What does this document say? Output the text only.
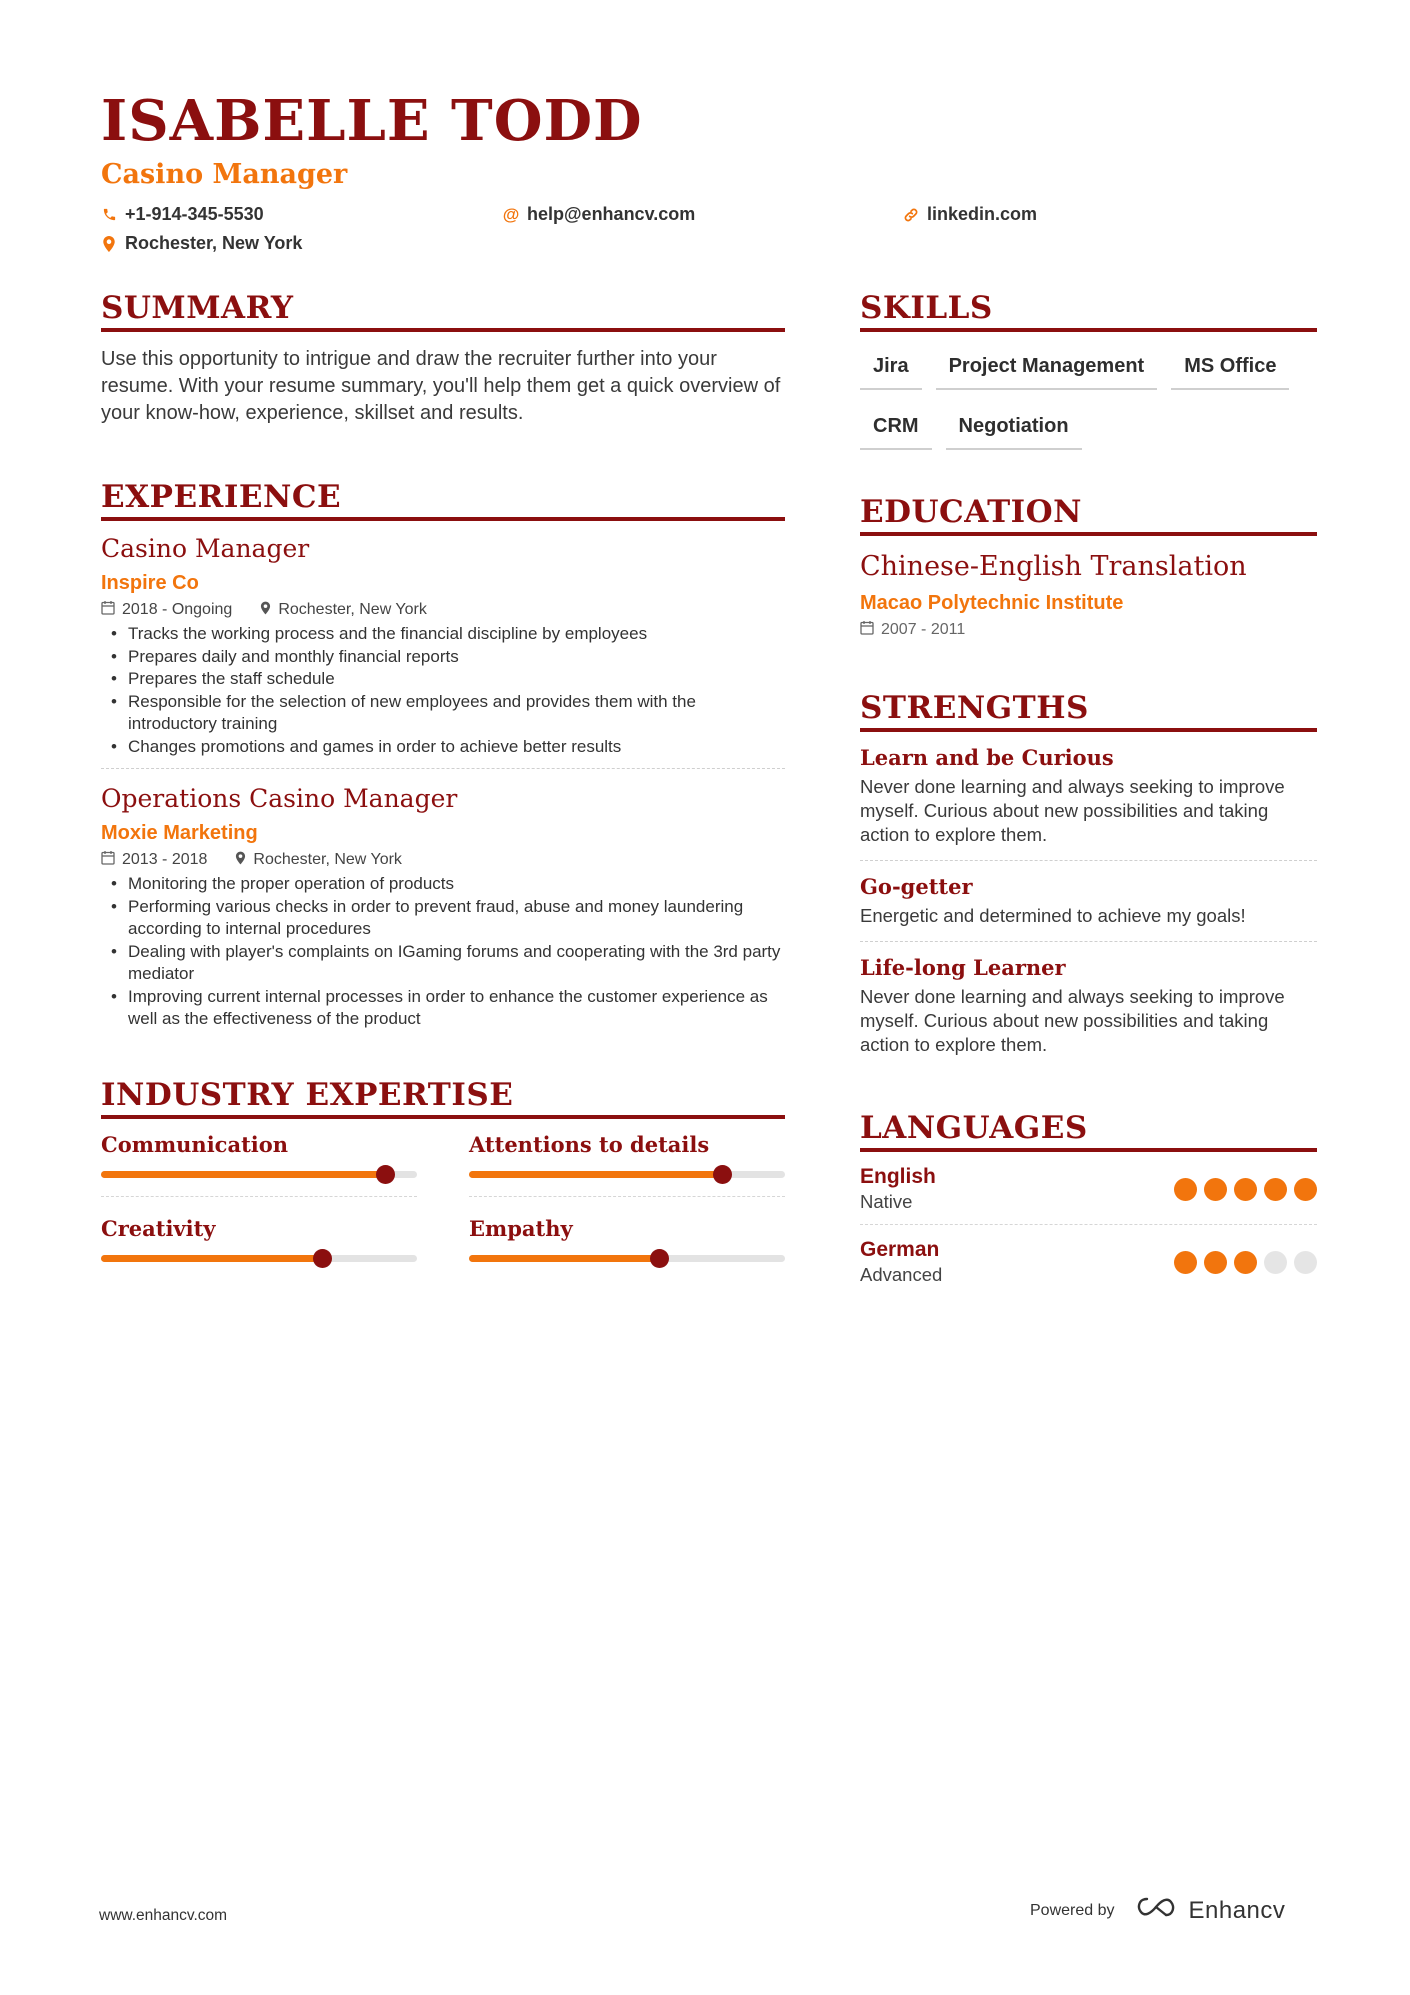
ISABELLE TODD
Casino Manager
+1-914-345-5530	@ help@enhancv.com	linkedin.com
Rochester, New York
SUMMARY
Use this opportunity to intrigue and draw the recruiter further into your resume. With your resume summary, you'll help them get a quick overview of your know-how, experience, skillset and results.
EXPERIENCE
Casino Manager
Inspire Co
2018 - Ongoing	Rochester, New York
• Tracks the working process and the financial discipline by employees
• Prepares daily and monthly financial reports
• Prepares the staff schedule
• Responsible for the selection of new employees and provides them with the introductory training
• Changes promotions and games in order to achieve better results
Operations Casino Manager
Moxie Marketing
2013 - 2018	Rochester, New York
• Monitoring the proper operation of products
• Performing various checks in order to prevent fraud, abuse and money laundering according to internal procedures
• Dealing with player's complaints on IGaming forums and cooperating with the 3rd party mediator
• Improving current internal processes in order to enhance the customer experience as well as the effectiveness of the product
INDUSTRY EXPERTISE
Communication	Attentions to details
Creativity	Empathy
SKILLS
Jira	Project Management	MS Office
CRM	Negotiation
EDUCATION
Chinese-English Translation
Macao Polytechnic Institute
2007 - 2011
STRENGTHS
Learn and be Curious
Never done learning and always seeking to improve myself. Curious about new possibilities and taking action to explore them.
Go-getter
Energetic and determined to achieve my goals!
Life-long Learner
Never done learning and always seeking to improve myself. Curious about new possibilities and taking action to explore them.
LANGUAGES
English
Native
German
Advanced
www.enhancv.com	Powered by	Enhancv
